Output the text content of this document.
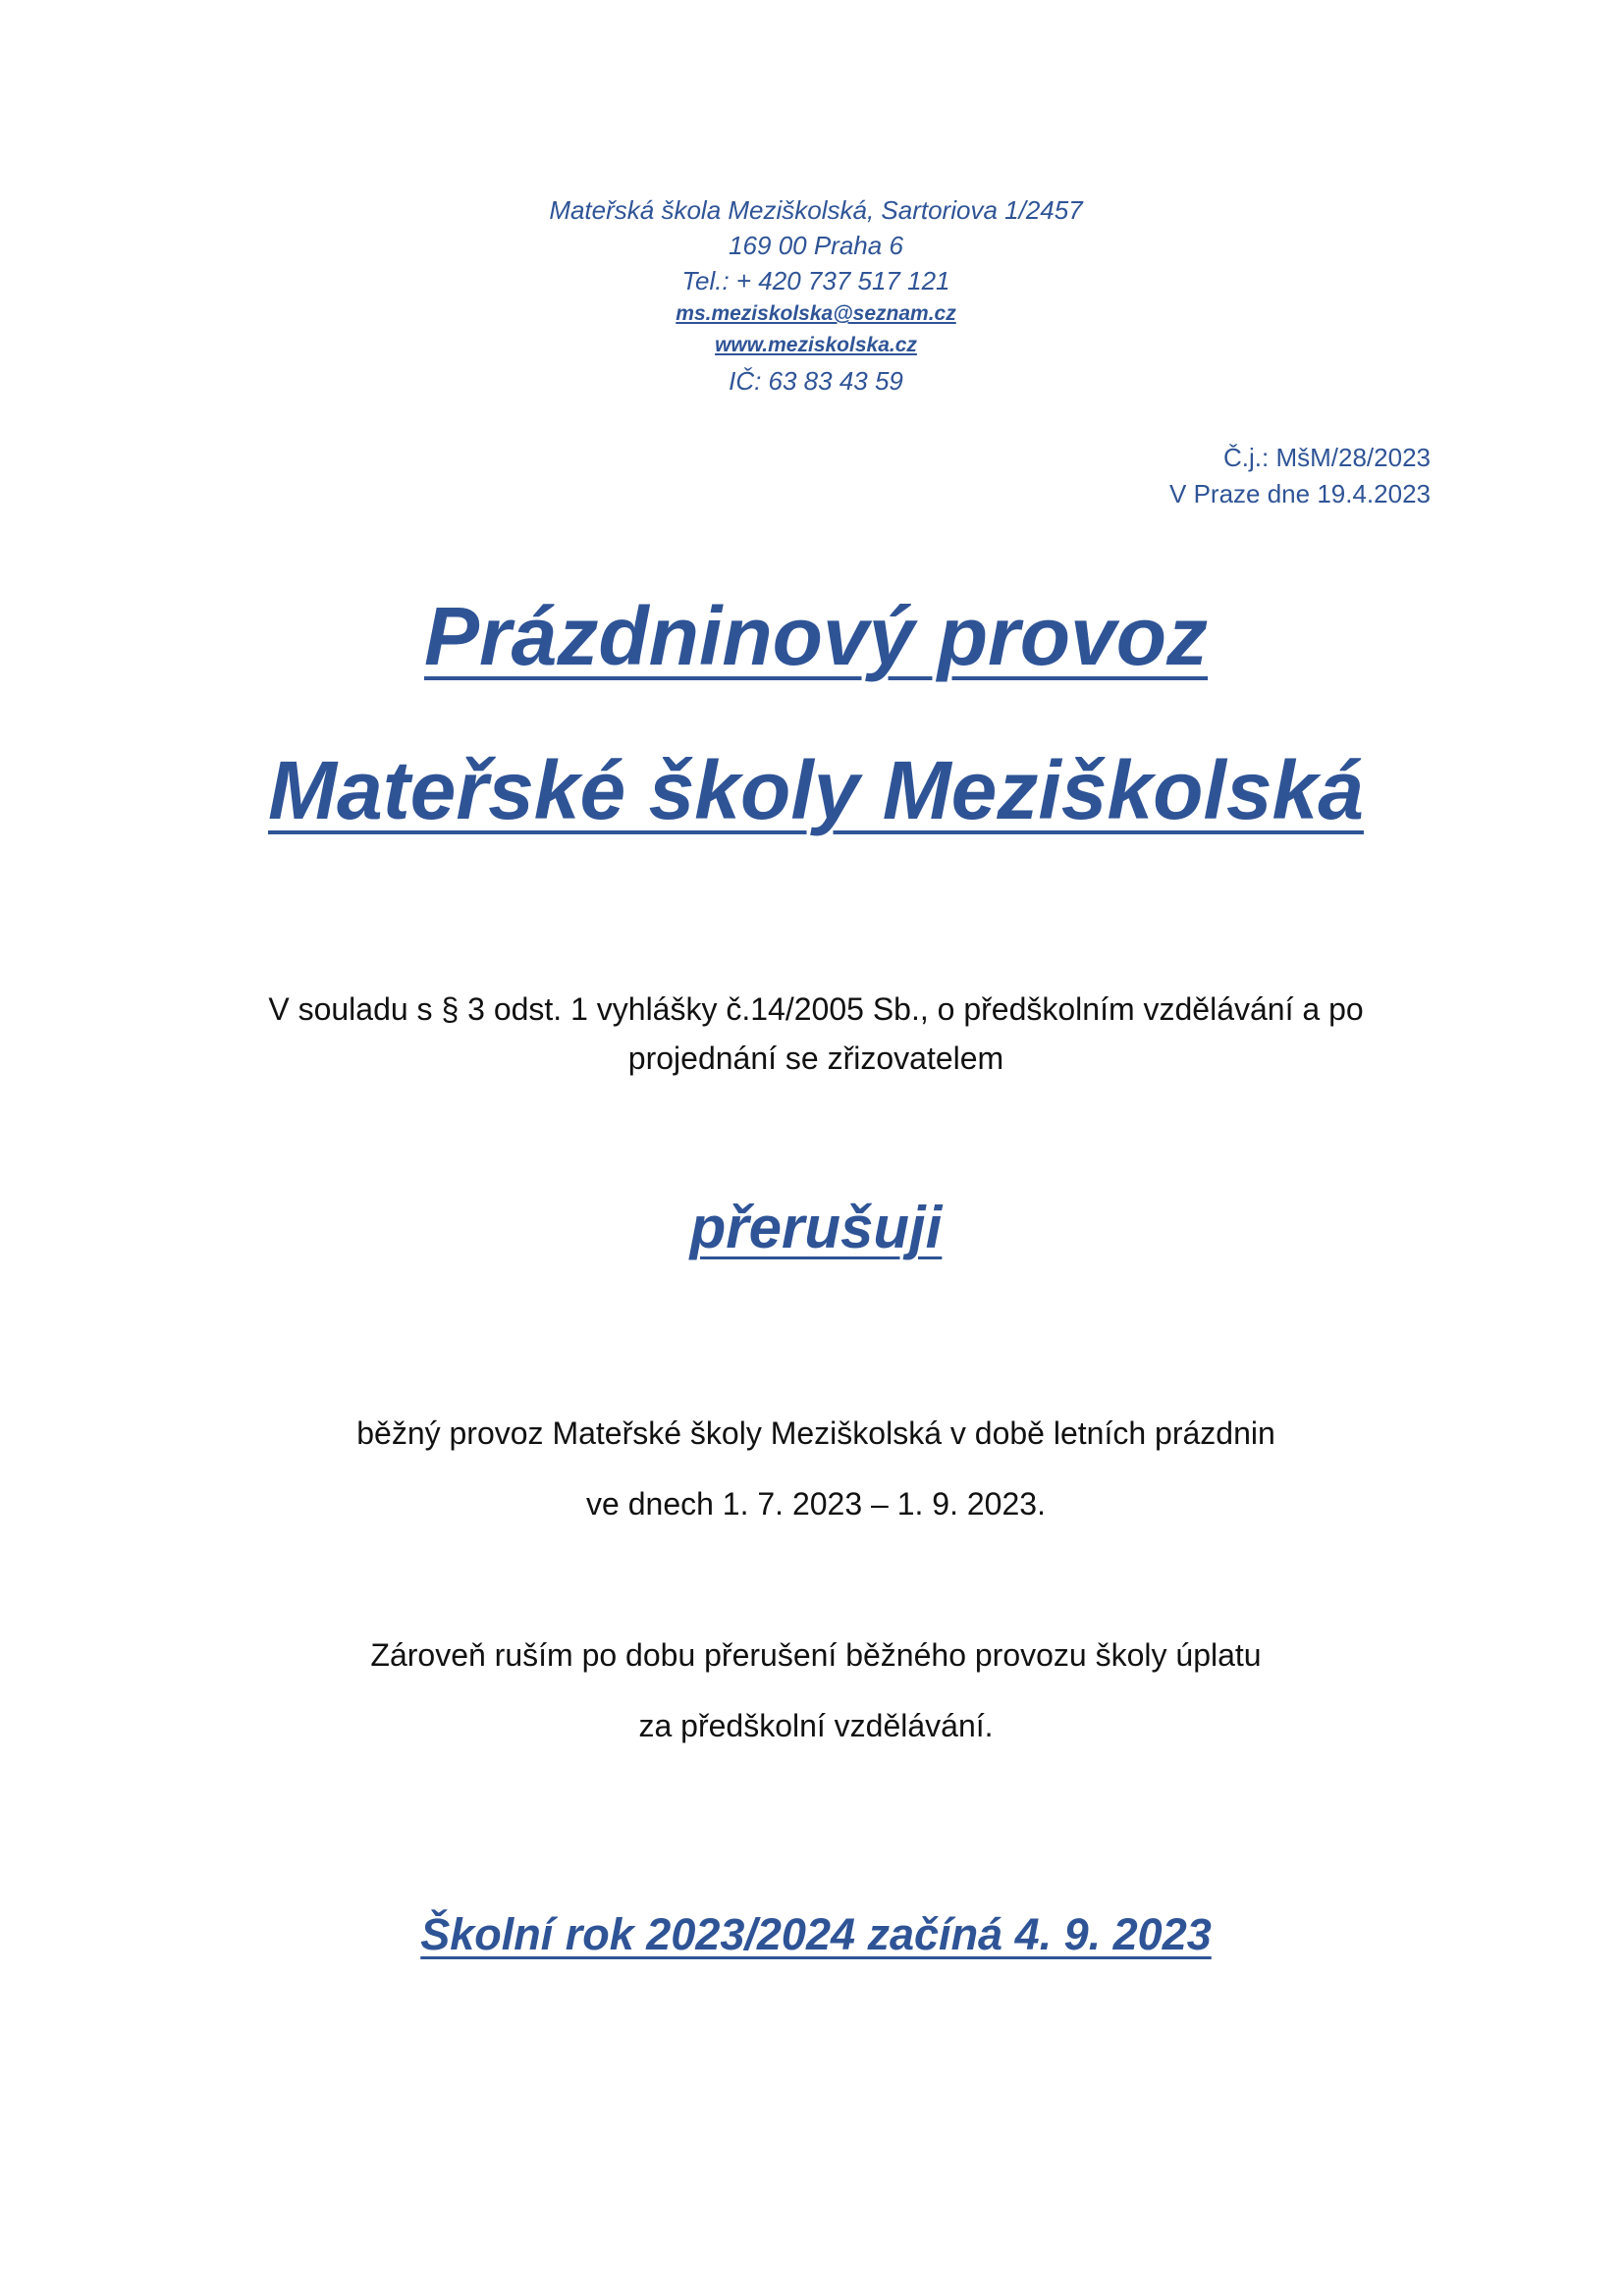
Mateřská škola Meziškolská, Sartoriova 1/2457
169 00 Praha 6
Tel.: + 420 737 517 121
ms.meziskolska@seznam.cz
www.meziskolska.cz
IČ: 63 83 43 59
Č.j.: MšM/28/2023
V Praze dne 19.4.2023
Prázdninový provoz
Mateřské školy Meziškolská
V souladu s § 3 odst. 1 vyhlášky č.14/2005 Sb., o předškolním vzdělávání a po
projednání se zřizovatelem
přerušuji
běžný provoz Mateřské školy Meziškolská v době letních prázdnin
ve dnech 1. 7. 2023 – 1. 9. 2023.
Zároveň ruším po dobu přerušení běžného provozu školy úplatu
za předškolní vzdělávání.
Školní rok 2023/2024 začíná 4. 9. 2023
